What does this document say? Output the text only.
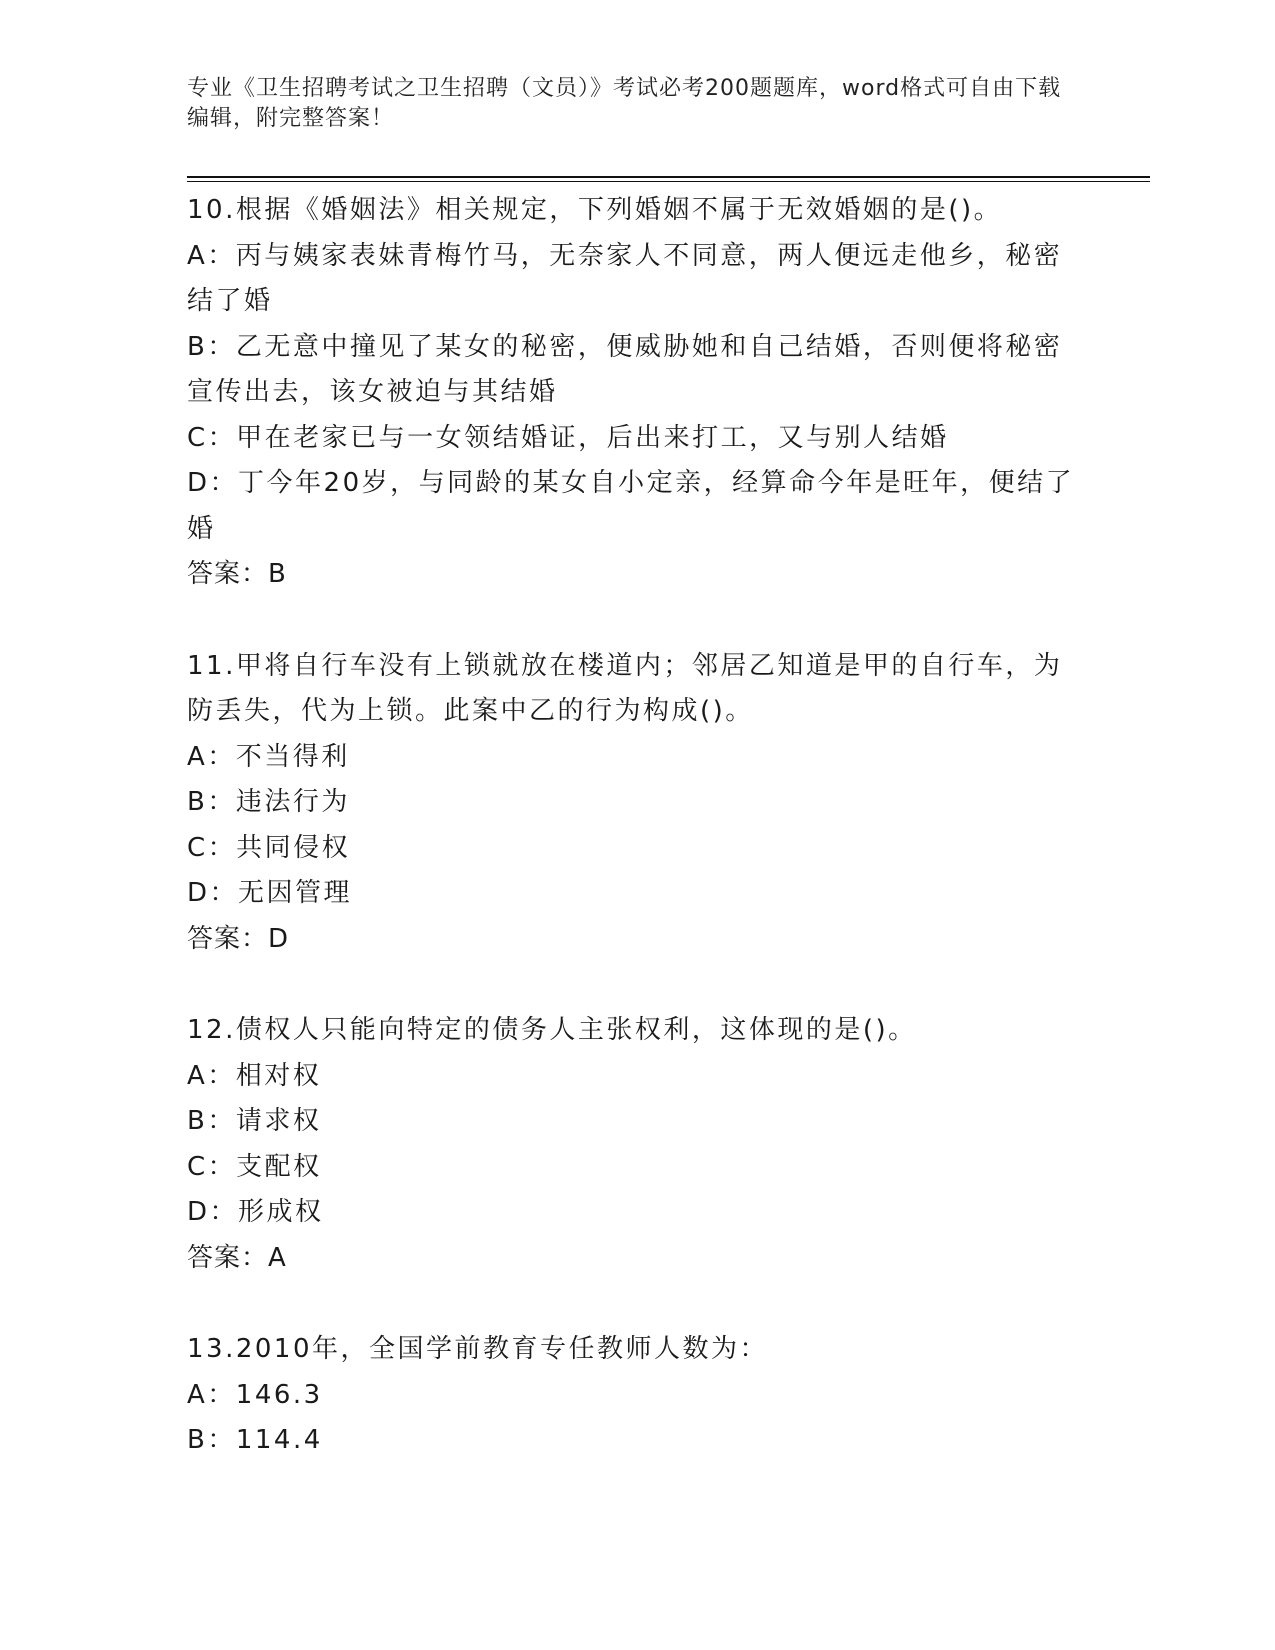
专业《卫生招聘考试之卫生招聘（文员）》考试必考200题题库，word格式可自由下载编辑，附完整答案！
10.根据《婚姻法》相关规定，下列婚姻不属于无效婚姻的是()。
A：丙与姨家表妹青梅竹马，无奈家人不同意，两人便远走他乡，秘密结了婚
B：乙无意中撞见了某女的秘密，便威胁她和自己结婚，否则便将秘密宣传出去，该女被迫与其结婚
C：甲在老家已与一女领结婚证，后出来打工，又与别人结婚
D：丁今年20岁，与同龄的某女自小定亲，经算命今年是旺年，便结了婚
答案：B
11.甲将自行车没有上锁就放在楼道内；邻居乙知道是甲的自行车，为防丢失，代为上锁。此案中乙的行为构成()。
A：不当得利
B：违法行为
C：共同侵权
D：无因管理
答案：D
12.债权人只能向特定的债务人主张权利，这体现的是()。
A：相对权
B：请求权
C：支配权
D：形成权
答案：A
13.2010年，全国学前教育专任教师人数为：
A：146.3
B：114.4
